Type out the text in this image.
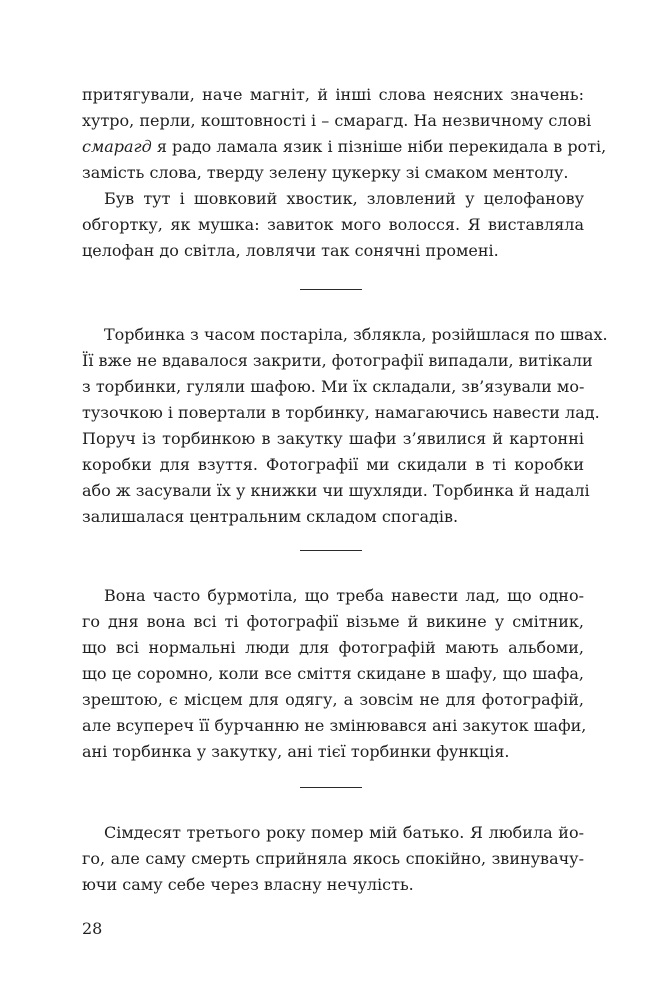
притягували, наче магніт, й інші слова неясних значень:
хутро, перли, коштовності і – смарагд. На незвичному слові
смарагд я радо ламала язик і пізніше ніби перекидала в роті,
замість слова, тверду зелену цукерку зі смаком ментолу.
Був тут і шовковий хвостик, зловлений у целофанову
обгортку, як мушка: завиток мого волосся. Я виставляла
целофан до світла, ловлячи так сонячні промені.
Торбинка з часом постаріла, зблякла, розійшлася по швах.
Її вже не вдавалося закрити, фотографії випадали, витікали
з торбинки, гуляли шафою. Ми їх складали, зв’язували мо-
тузочкою і повертали в торбинку, намагаючись навести лад.
Поруч із торбинкою в закутку шафи з’явилися й картонні
коробки для взуття. Фотографії ми скидали в ті коробки
або ж засували їх у книжки чи шухляди. Торбинка й надалі
залишалася центральним складом спогадів.
Вона часто бурмотіла, що треба навести лад, що одно-
го дня вона всі ті фотографії візьме й викине у смітник,
що всі нормальні люди для фотографій мають альбоми,
що це соромно, коли все сміття скидане в шафу, що шафа,
зрештою, є місцем для одягу, а зовсім не для фотографій,
але всупереч її бурчанню не змінювався ані закуток шафи,
ані торбинка у закутку, ані тієї торбинки функція.
Сімдесят третього року помер мій батько. Я любила йо-
го, але саму смерть сприйняла якось спокійно, звинувачу-
ючи саму себе через власну нечулість.
28
